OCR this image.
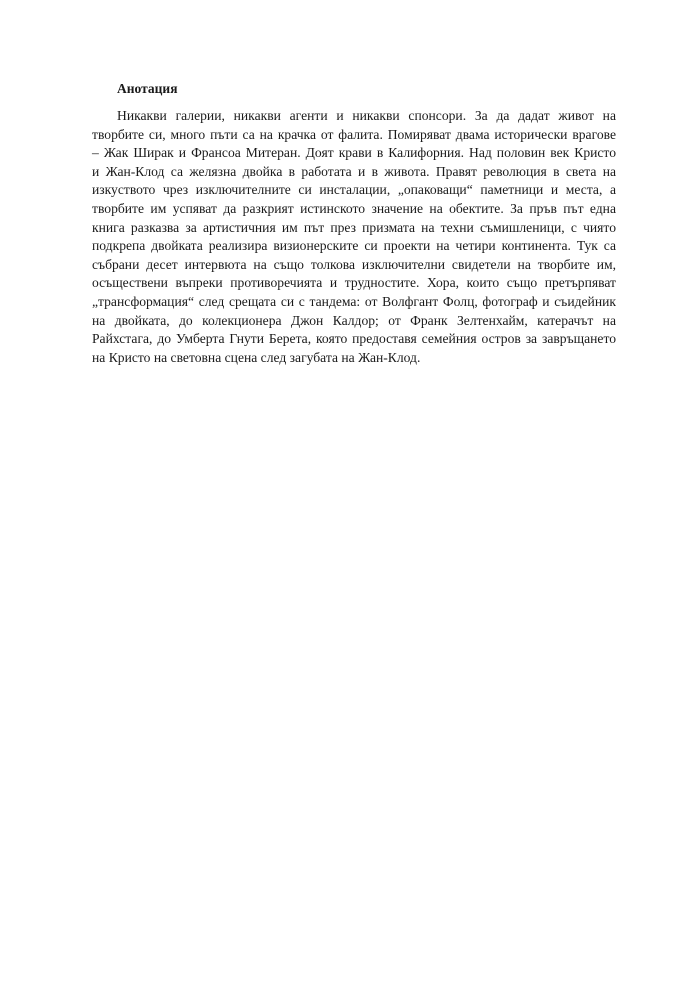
Анотация

Никакви галерии, никакви агенти и никакви спонсори. За да дадат живот на
творбите си, много пъти са на крачка от фалита. Помиряват двама исторически врагове
– Жак Ширак и Франсоа Митеран. Доят крави в Калифорния. Над половин век Кристо
и Жан-Клод са желязна двойка в работата и в живота. Правят революция в света на
изкуството чрез изключителните си инсталации, „опаковащи“ паметници и места, а
творбите им успяват да разкрият истинското значение на обектите. За пръв път една
книга разказва за артистичния им път през призмата на техни съмишленици, с чиято
подкрепа двойката реализира визионерските си проекти на четири континента. Тук са
събрани десет интервюта на също толкова изключителни свидетели на творбите им,
осъществени въпреки противоречията и трудностите. Хора, които също претърпяват
„трансформация“ след срещата си с тандема: от Волфгант Фолц, фотограф и съидейник
на двойката, до колекционера Джон Калдор; от Франк Зелтенхайм, катерачът на
Райхстага, до Умберта Гнути Берета, която предоставя семейния остров за завръщането
на Кристо на световна сцена след загубата на Жан-Клод.
